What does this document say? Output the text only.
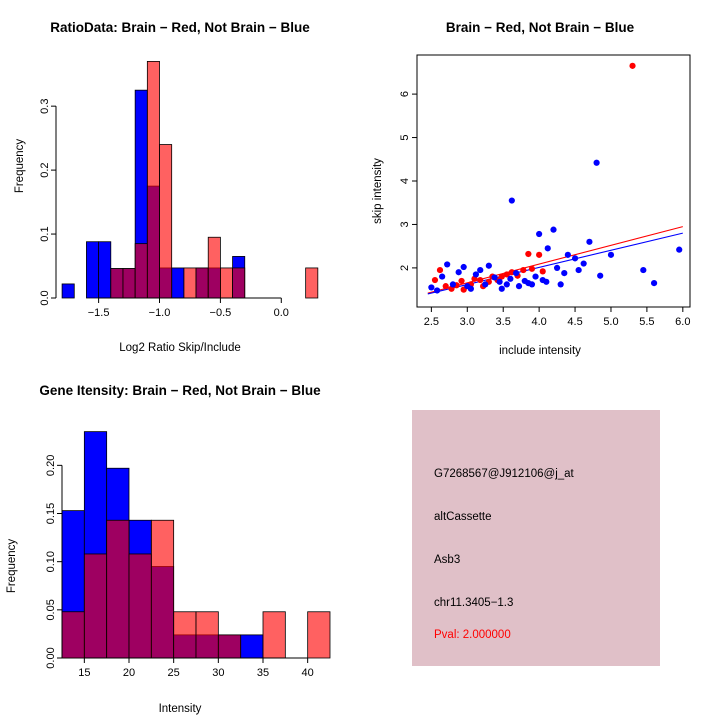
RatioData: Brain − Red, Not Brain − Blue
−1.5	−1.0	−0.5	0.0
0.0
0.1
0.2
0.3
Log2 Ratio Skip/Include
Frequency
Brain − Red, Not Brain − Blue
2.5 3.0 3.5 4.0 4.5 5.0 5.5 6.0
2
3
4
5
6
include intensity
skip intensity
Gene Itensity: Brain − Red, Not Brain − Blue
15	20	25	30	35	40
0.00
0.05
0.10
0.15
0.20
Intensity
Frequency
G7268567@J912106@j_at
altCassette
Asb3
chr11.3405−1.3
Pval: 2.000000
